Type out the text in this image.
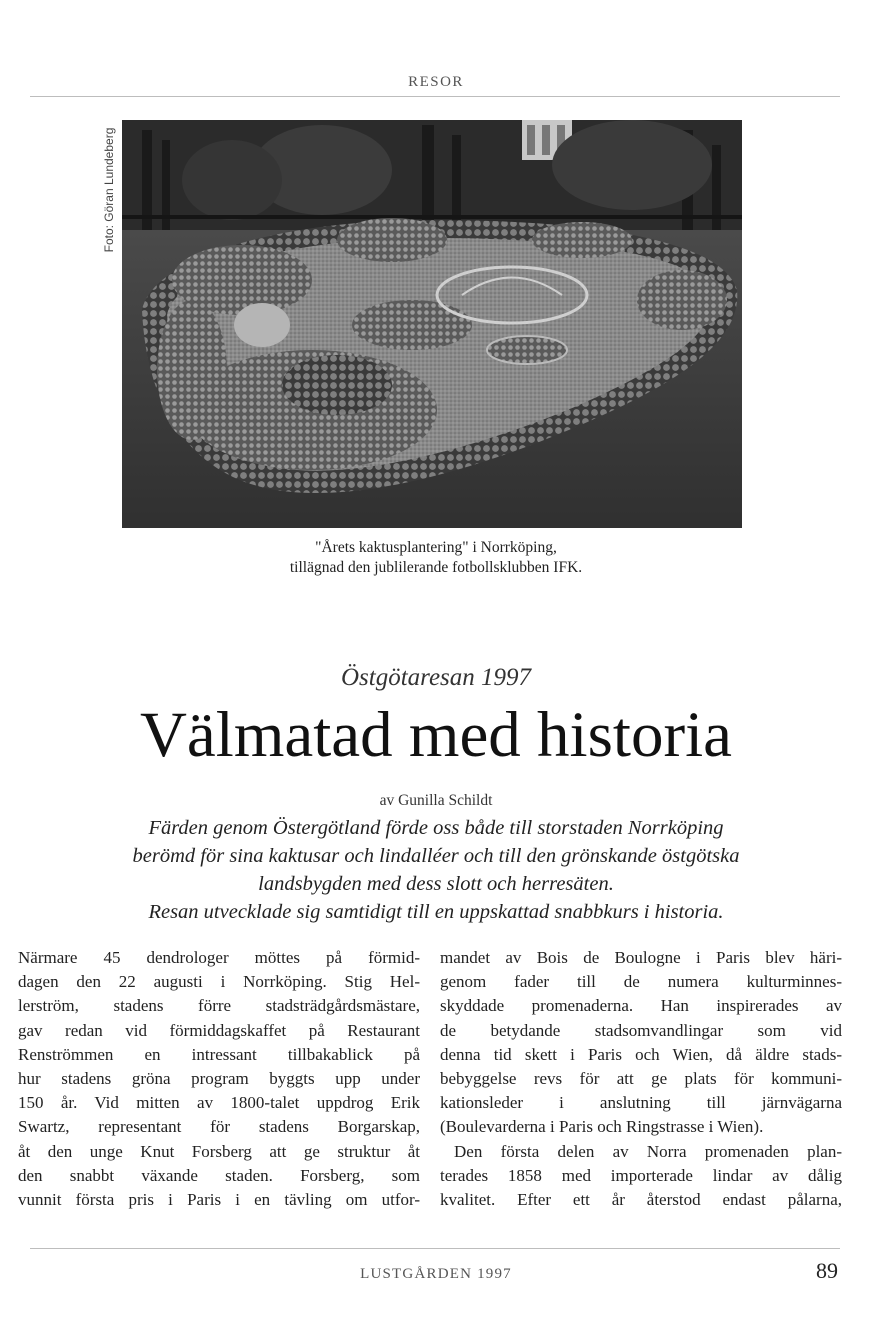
RESOR
Foto: Göran Lundeberg
"Årets kaktusplantering" i Norrköping,
tillägnad den jublilerande fotbollsklubben IFK.
Östgötaresan 1997
Välmatad med historia
av Gunilla Schildt
Färden genom Östergötland förde oss både till storstaden Norrköping
berömd för sina kaktusar och lindalléer och till den grönskande östgötska
landsbygden med dess slott och herresäten.
Resan utvecklade sig samtidigt till en uppskattad snabbkurs i historia.
Närmare 45 dendrologer möttes på förmid-
dagen den 22 augusti i Norrköping. Stig Hel-
lerström, stadens förre stadsträdgårdsmästare,
gav redan vid förmiddagskaffet på Restaurant
Renströmmen en intressant tillbakablick på
hur stadens gröna program byggts upp under
150 år. Vid mitten av 1800-talet uppdrog Erik
Swartz, representant för stadens Borgarskap,
åt den unge Knut Forsberg att ge struktur åt
den snabbt växande staden. Forsberg, som
vunnit första pris i Paris i en tävling om utfor-
mandet av Bois de Boulogne i Paris blev häri-
genom fader till de numera kulturminnes-
skyddade promenaderna. Han inspirerades av
de betydande stadsomvandlingar som vid
denna tid skett i Paris och Wien, då äldre stads-
bebyggelse revs för att ge plats för kommuni-
kationsleder i anslutning till järnvägarna
(Boulevarderna i Paris och Ringstrasse i Wien).
Den första delen av Norra promenaden plan-
terades 1858 med importerade lindar av dålig
kvalitet. Efter ett år återstod endast pålarna,
LUSTGÅRDEN 1997	89
